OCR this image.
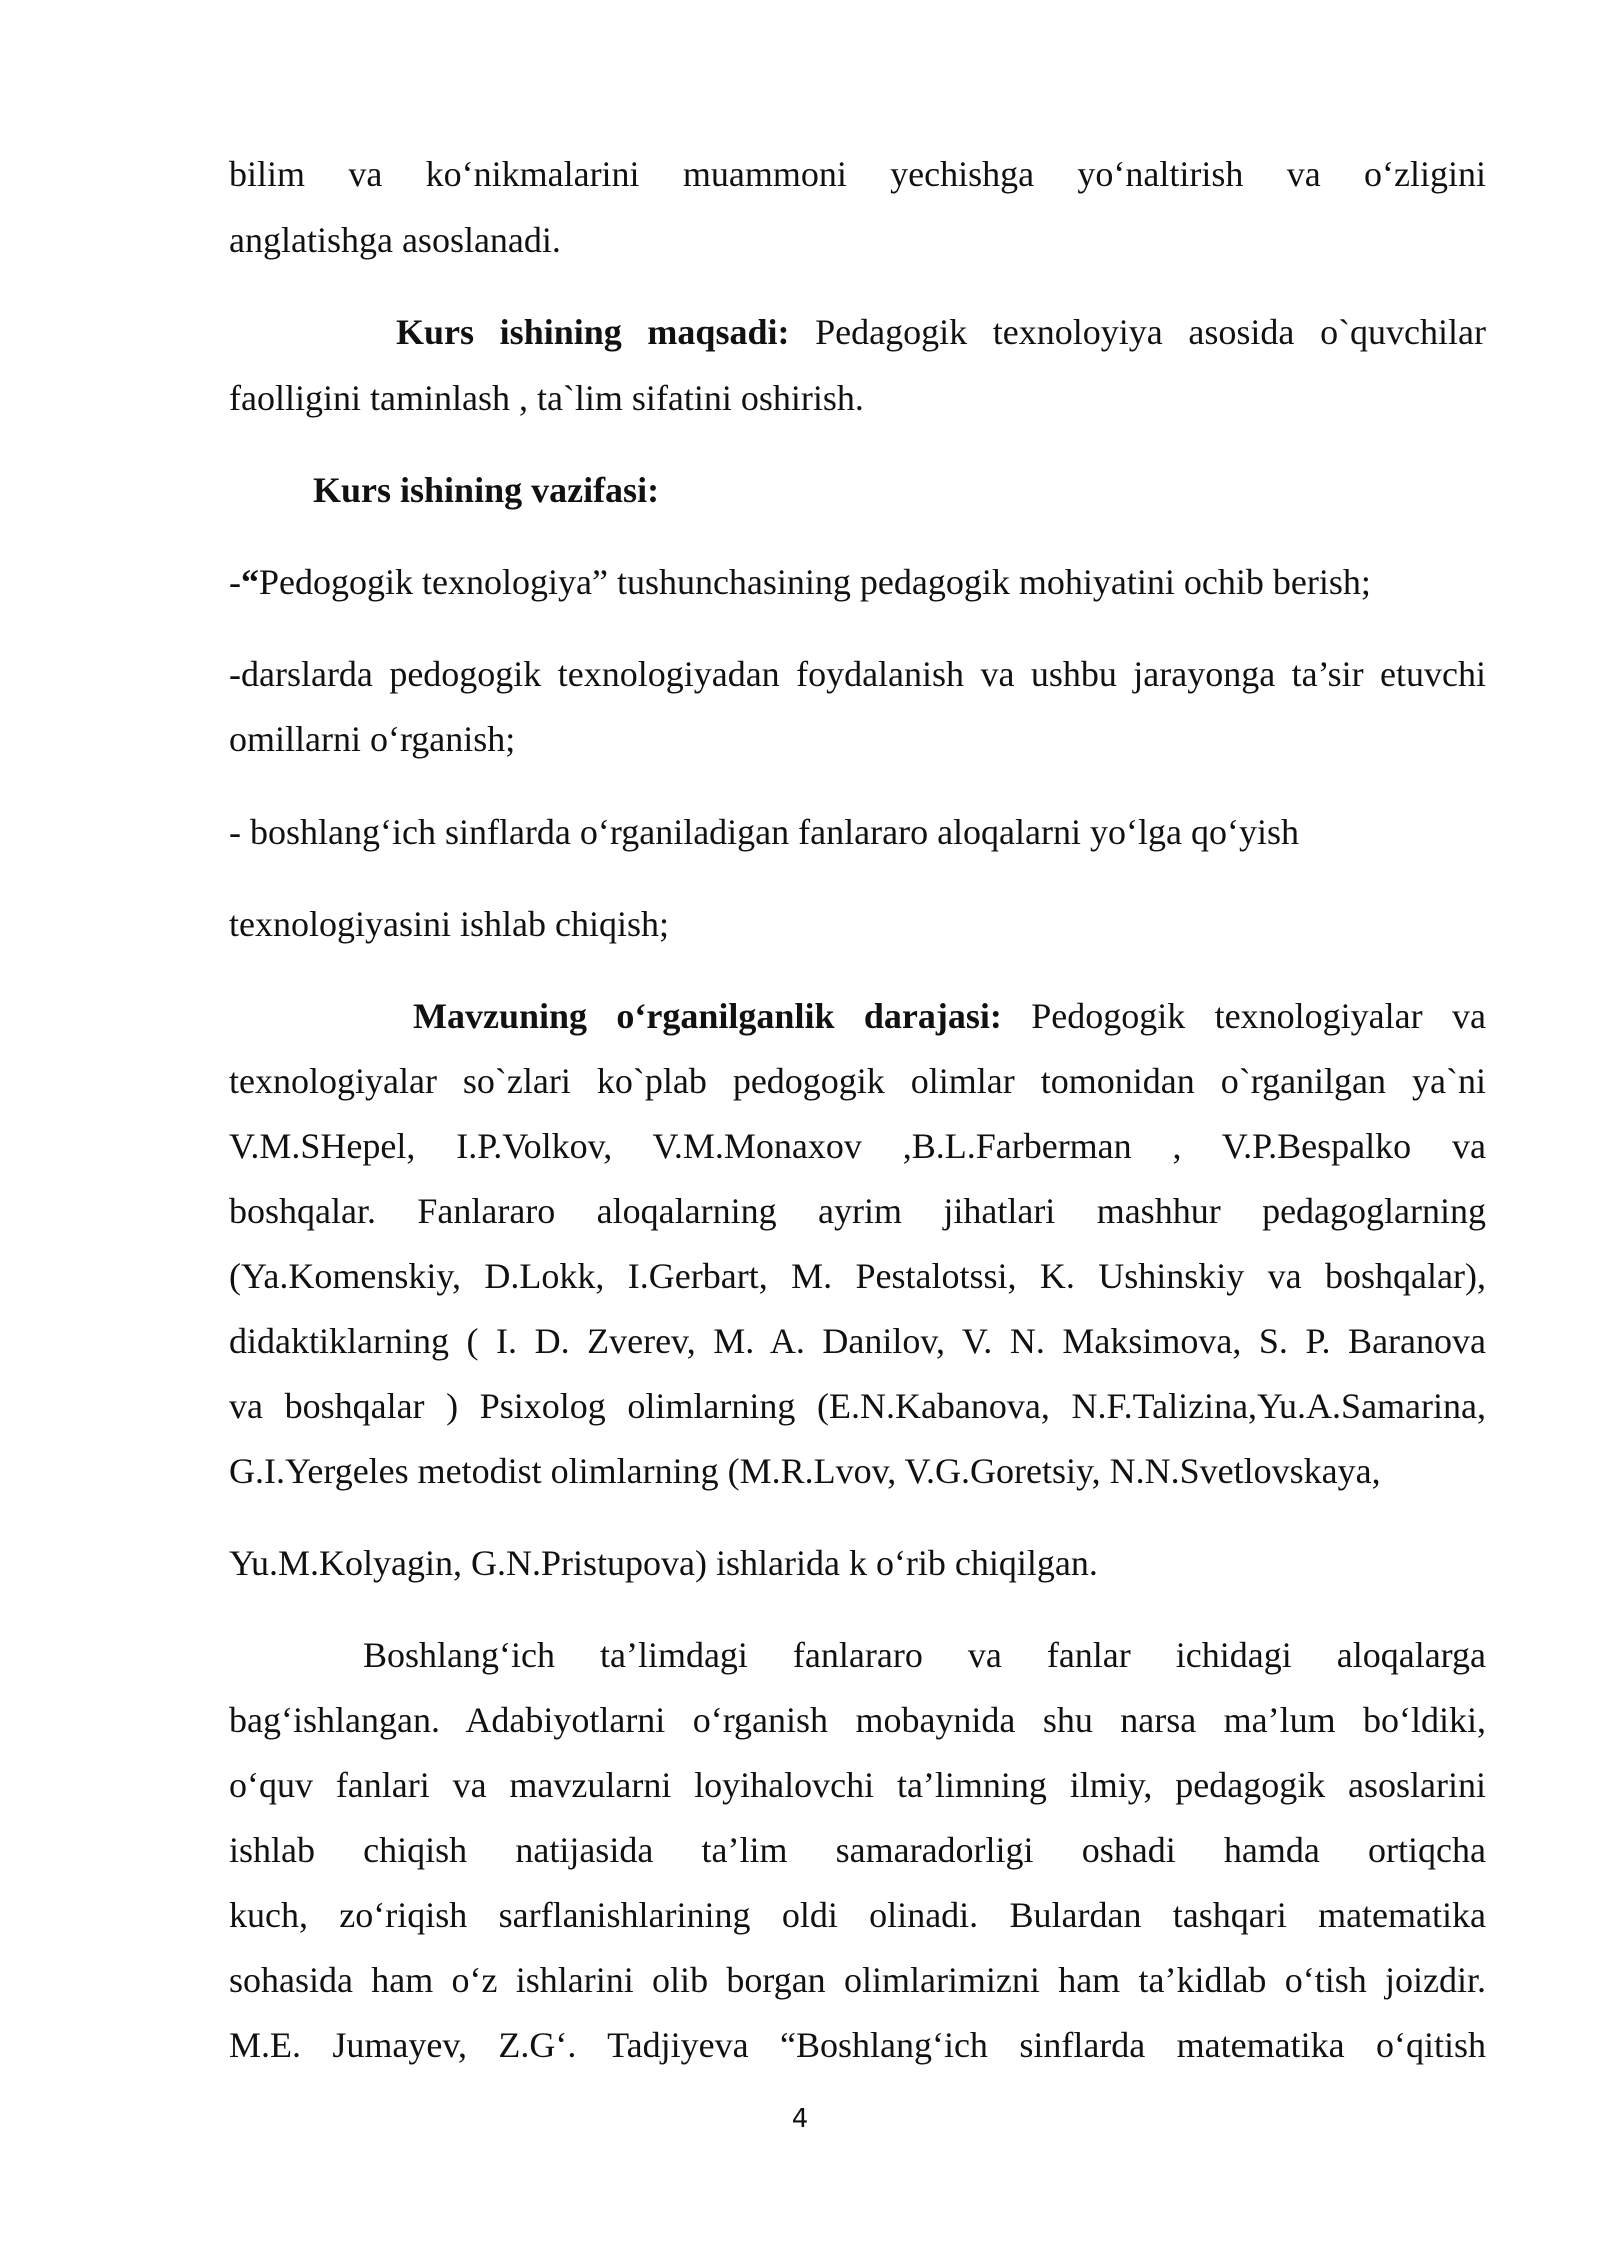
bilim va ko‘nikmalarini muammoni yechishga yo‘naltirish va o‘zligini
anglatishga asoslanadi.
Kurs ishining maqsadi: Pedagogik texnoloyiya asosida o`quvchilar
faolligini taminlash , ta`lim sifatini oshirish.
Kurs ishining vazifasi:
-“Pedogogik texnologiya” tushunchasining pedagogik mohiyatini ochib berish;
-darslarda pedogogik texnologiyadan foydalanish va ushbu jarayonga ta’sir etuvchi
omillarni o‘rganish;
- boshlang‘ich sinflarda o‘rganiladigan fanlararo aloqalarni yo‘lga qo‘yish
texnologiyasini ishlab chiqish;
Mavzuning o‘rganilganlik darajasi: Pedogogik texnologiyalar va
texnologiyalar so`zlari ko`plab pedogogik olimlar tomonidan o`rganilgan ya`ni
V.M.SHepel, I.P.Volkov, V.M.Monaxov ,B.L.Farberman , V.P.Bespalko va
boshqalar. Fanlararo aloqalarning ayrim jihatlari mashhur pedagoglarning
(Ya.Komenskiy, D.Lokk, I.Gerbart, M. Pestalotssi, K. Ushinskiy va boshqalar),
didaktiklarning ( I. D. Zverev, M. A. Danilov, V. N. Maksimova, S. P. Baranova
va boshqalar ) Psixolog olimlarning (E.N.Kabanova, N.F.Talizina,Yu.A.Samarina,
G.I.Yergeles metodist olimlarning (M.R.Lvov, V.G.Goretsiy, N.N.Svetlovskaya,
Yu.M.Kolyagin, G.N.Pristupova) ishlarida k o‘rib chiqilgan.
Boshlang‘ich ta’limdagi fanlararo va fanlar ichidagi aloqalarga
bag‘ishlangan. Adabiyotlarni o‘rganish mobaynida shu narsa ma’lum bo‘ldiki,
o‘quv fanlari va mavzularni loyihalovchi ta’limning ilmiy, pedagogik asoslarini
ishlab chiqish natijasida ta’lim samaradorligi oshadi hamda ortiqcha
kuch, zo‘riqish sarflanishlarining oldi olinadi. Bulardan tashqari matematika
sohasida ham o‘z ishlarini olib borgan olimlarimizni ham ta’kidlab o‘tish joizdir.
M.E. Jumayev, Z.G‘. Tadjiyeva “Boshlang‘ich sinflarda matematika o‘qitish
4
